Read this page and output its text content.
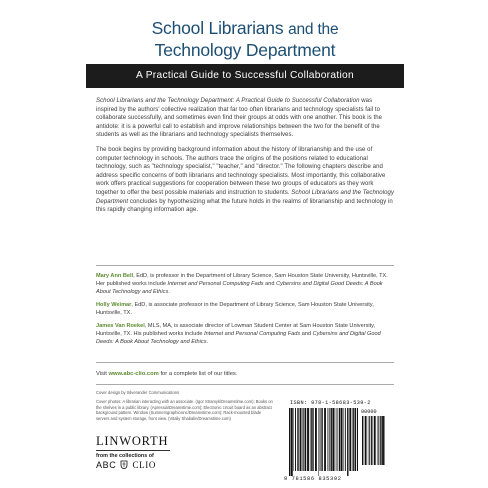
School Librarians and the
Technology Department
A Practical Guide to Successful Collaboration

School Librarians and the Technology Department: A Practical Guide to Successful Collaboration was inspired by the authors' collective realization that far too often librarians and technology specialists fail to collaborate successfully, and sometimes even find their groups at odds with one another. This book is the antidote: it is a powerful call to establish and improve relationships between the two for the benefit of the students as well as the librarians and technology specialists themselves.

The book begins by providing background information about the history of librarianship and the use of computer technology in schools. The authors trace the origins of the positions related to educational technology, such as "technology specialist," "teacher," and "director." The following chapters describe and address specific concerns of both librarians and technology specialists. Most importantly, this collaborative work offers practical suggestions for cooperation between these two groups of educators as they work together to offer the best possible materials and instruction to students. School Librarians and the Technology Department concludes by hypothesizing what the future holds in the realms of librarianship and technology in this rapidly changing information age.

Mary Ann Bell, EdD, is professor in the Department of Library Science, Sam Houston State University, Huntsville, TX. Her published works include Internet and Personal Computing Fads and Cybersins and Digital Good Deeds: A Book About Technology and Ethics.

Holly Weimar, EdD, is associate professor in the Department of Library Science, Sam Houston State University, Huntsville, TX.

James Van Roekel, MLS, MA, is associate director of Lowman Student Center at Sam Houston State University, Huntsville, TX. His published works include Internet and Personal Computing Fads and Cybersins and Digital Good Deeds: A Book About Technology and Ethics.

Visit www.abc-clio.com for a complete list of our titles.

Cover design by Silverander Communications

Cover photos: A librarian interacting with an associate. (Igor Stramyk/Dreamstime.com); Books on the shelves in a public library. (Apressia/Dreamstime.com); Electronic circuit board as an abstract background pattern. Window (Sumnersgraphicsinc/Dreamstime.com); Rack-mounted blade servers and system storage, front view. (Vitaliy Shabalin/Dreamstime.com)

ISBN: 978-1-58683-539-2
90000
9 781586 835392
LINWORTH
from the collections of
ABC CLIO
